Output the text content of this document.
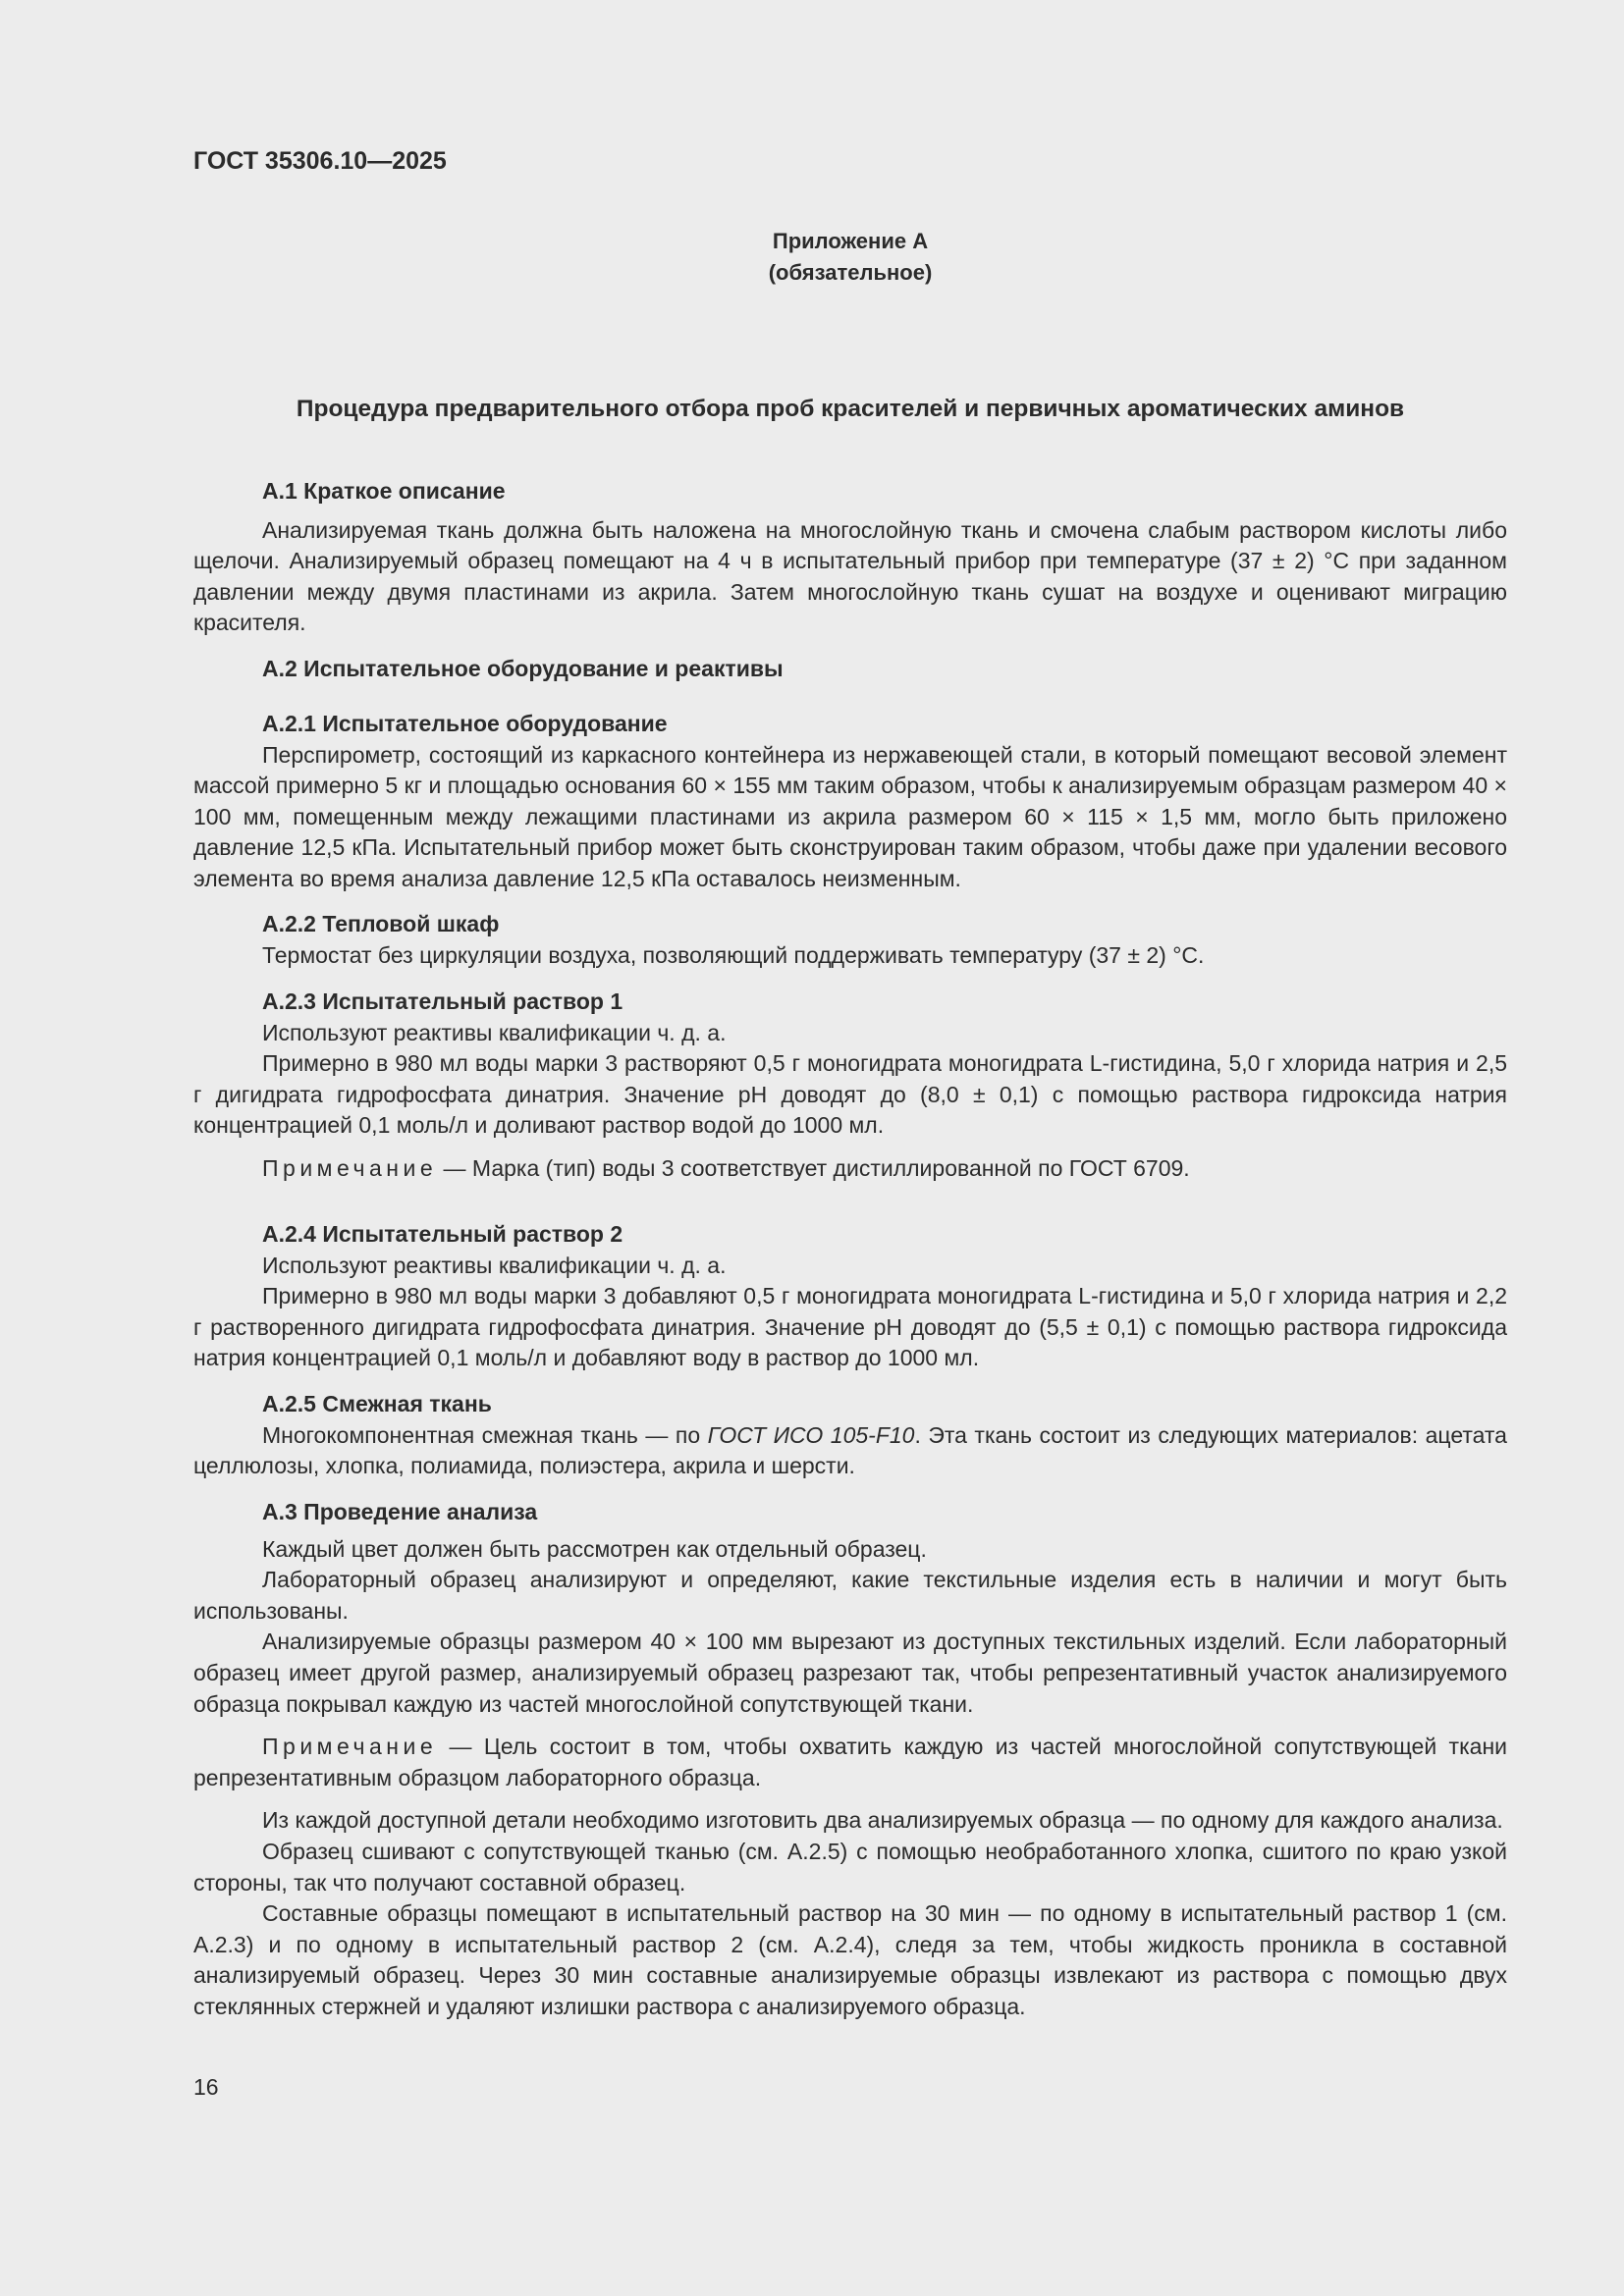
ГОСТ 35306.10—2025
Приложение А
(обязательное)
Процедура предварительного отбора проб красителей и первичных ароматических аминов

А.1 Краткое описание

Анализируемая ткань должна быть наложена на многослойную ткань и смочена слабым раствором кислоты либо щелочи. Анализируемый образец помещают на 4 ч в испытательный прибор при температуре (37 ± 2) °С при заданном давлении между двумя пластинами из акрила. Затем многослойную ткань сушат на воздухе и оценивают миграцию красителя.

А.2 Испытательное оборудование и реактивы

А.2.1 Испытательное оборудование

Перспирометр, состоящий из каркасного контейнера из нержавеющей стали, в который помещают весовой элемент массой примерно 5 кг и площадью основания 60 × 155 мм таким образом, чтобы к анализируемым образцам размером 40 × 100 мм, помещенным между лежащими пластинами из акрила размером 60 × 115 × 1,5 мм, могло быть приложено давление 12,5 кПа. Испытательный прибор может быть сконструирован таким образом, чтобы даже при удалении весового элемента во время анализа давление 12,5 кПа оставалось неизменным.

А.2.2 Тепловой шкаф

Термостат без циркуляции воздуха, позволяющий поддерживать температуру (37 ± 2) °С.

А.2.3 Испытательный раствор 1

Используют реактивы квалификации ч. д. а.

Примерно в 980 мл воды марки 3 растворяют 0,5 г моногидрата моногидрата L-гистидина, 5,0 г хлорида натрия и 2,5 г дигидрата гидрофосфата динатрия. Значение pH доводят до (8,0 ± 0,1) с помощью раствора гидроксида натрия концентрацией 0,1 моль/л и доливают раствор водой до 1000 мл.

Примечание — Марка (тип) воды 3 соответствует дистиллированной по ГОСТ 6709.

А.2.4 Испытательный раствор 2

Используют реактивы квалификации ч. д. а.

Примерно в 980 мл воды марки 3 добавляют 0,5 г моногидрата моногидрата L-гистидина и 5,0 г хлорида натрия и 2,2 г растворенного дигидрата гидрофосфата динатрия. Значение pH доводят до (5,5 ± 0,1) с помощью раствора гидроксида натрия концентрацией 0,1 моль/л и добавляют воду в раствор до 1000 мл.

А.2.5 Смежная ткань

Многокомпонентная смежная ткань — по ГОСТ ИСО 105-F10. Эта ткань состоит из следующих материалов: ацетата целлюлозы, хлопка, полиамида, полиэстера, акрила и шерсти.

А.3 Проведение анализа

Каждый цвет должен быть рассмотрен как отдельный образец.

Лабораторный образец анализируют и определяют, какие текстильные изделия есть в наличии и могут быть использованы.

Анализируемые образцы размером 40 × 100 мм вырезают из доступных текстильных изделий. Если лабораторный образец имеет другой размер, анализируемый образец разрезают так, чтобы репрезентативный участок анализируемого образца покрывал каждую из частей многослойной сопутствующей ткани.

Примечание — Цель состоит в том, чтобы охватить каждую из частей многослойной сопутствующей ткани репрезентативным образцом лабораторного образца.

Из каждой доступной детали необходимо изготовить два анализируемых образца — по одному для каждого анализа.

Образец сшивают с сопутствующей тканью (см. А.2.5) с помощью необработанного хлопка, сшитого по краю узкой стороны, так что получают составной образец.

Составные образцы помещают в испытательный раствор на 30 мин — по одному в испытательный раствор 1 (см. А.2.3) и по одному в испытательный раствор 2 (см. А.2.4), следя за тем, чтобы жидкость проникла в составной анализируемый образец. Через 30 мин составные анализируемые образцы извлекают из раствора с помощью двух стеклянных стержней и удаляют излишки раствора с анализируемого образца.

16
